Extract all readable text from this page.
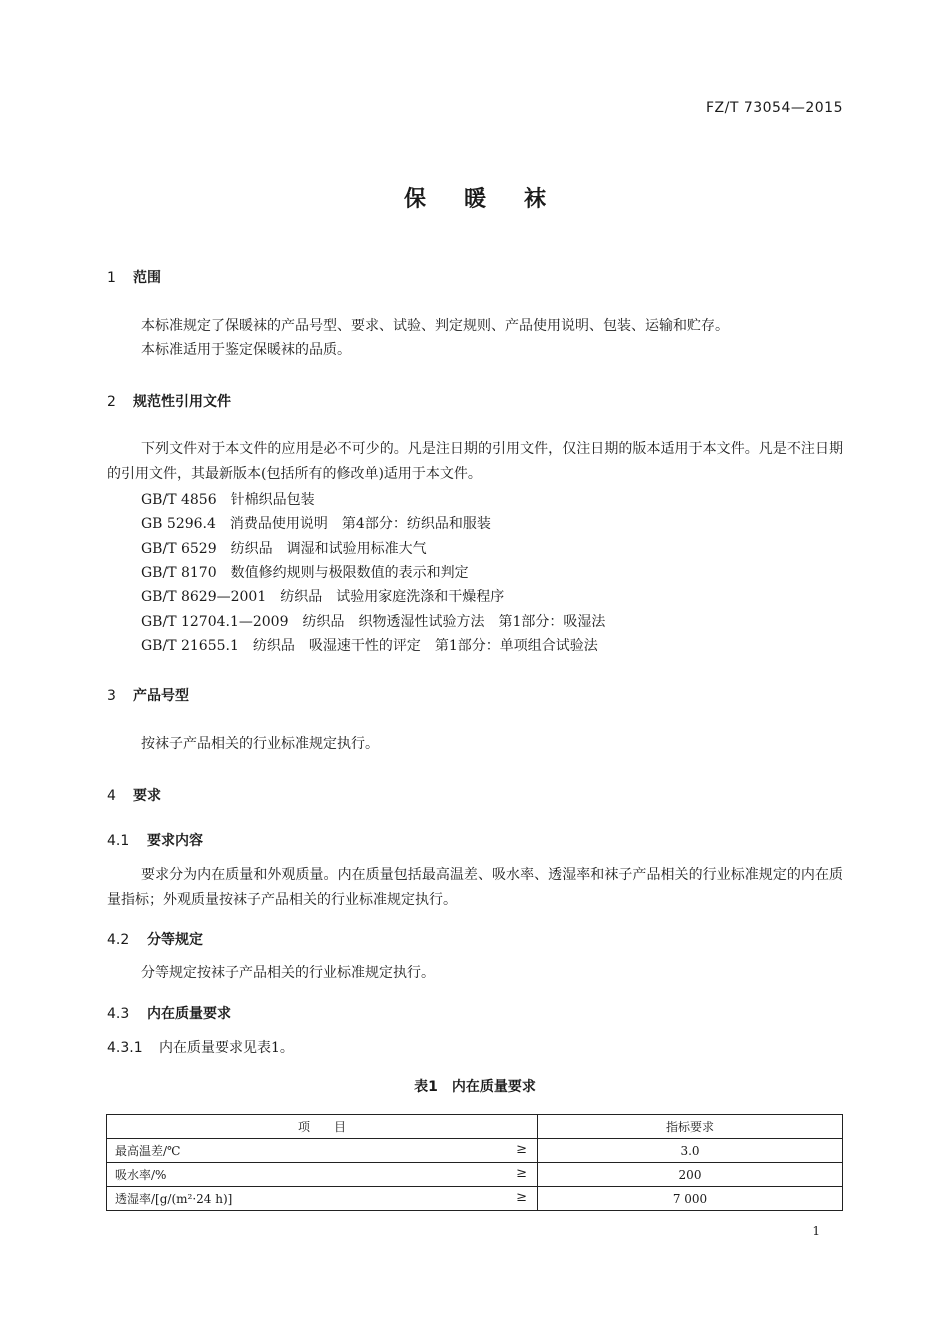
FZ/T 73054—2015
保暖袜
1 范围
本标准规定了保暖袜的产品号型、要求、试验、判定规则、产品使用说明、包装、运输和贮存。
本标准适用于鉴定保暖袜的品质。
2 规范性引用文件
下列文件对于本文件的应用是必不可少的。凡是注日期的引用文件，仅注日期的版本适用于本文件。凡是不注日期的引用文件，其最新版本(包括所有的修改单)适用于本文件。
GB/T 4856　针棉织品包装
GB 5296.4　消费品使用说明　第4部分：纺织品和服装
GB/T 6529　纺织品　调湿和试验用标准大气
GB/T 8170　数值修约规则与极限数值的表示和判定
GB/T 8629—2001　纺织品　试验用家庭洗涤和干燥程序
GB/T 12704.1—2009　纺织品　织物透湿性试验方法　第1部分：吸湿法
GB/T 21655.1　纺织品　吸湿速干性的评定　第1部分：单项组合试验法
3 产品号型
按袜子产品相关的行业标准规定执行。
4 要求
4.1 要求内容
要求分为内在质量和外观质量。内在质量包括最高温差、吸水率、透湿率和袜子产品相关的行业标准规定的内在质量指标；外观质量按袜子产品相关的行业标准规定执行。
4.2 分等规定
分等规定按袜子产品相关的行业标准规定执行。
4.3 内在质量要求
4.3.1 内在质量要求见表1。
表1　内在质量要求
项　　目	指标要求
最高温差/℃ ≥	3.0
吸水率/% ≥	200
透湿率/[g/(m²·24 h)] ≥	7 000
1
